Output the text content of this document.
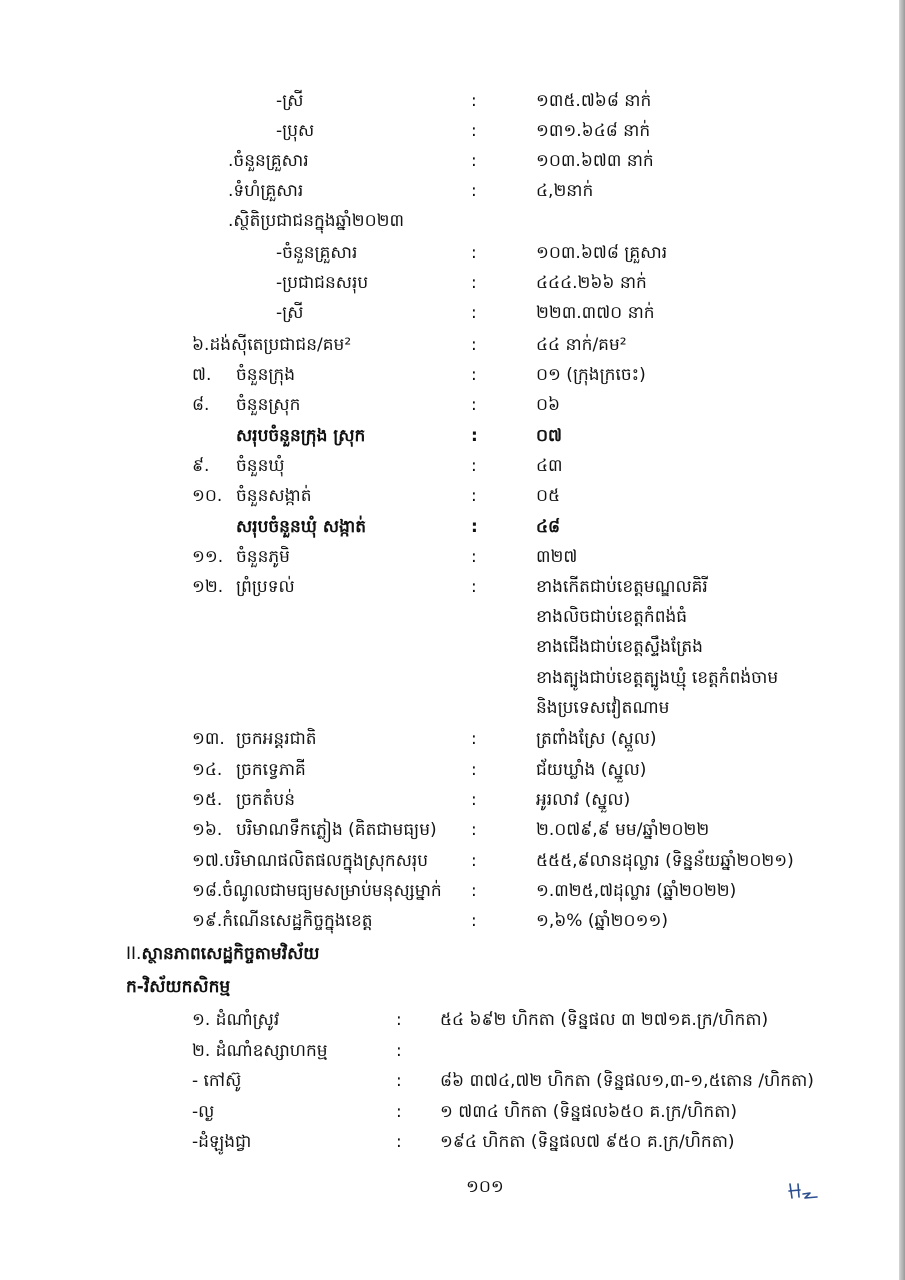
-ស្រី	:	១៣៥.៧៦៨ នាក់
-ប្រុស	:	១៣១.៦៤៨ នាក់
.ចំនួនគ្រួសារ	:	១០៣.៦៧៣ នាក់
.ទំហំគ្រួសារ	:	៤,២នាក់
.ស្ថិតិប្រជាជនក្នុងឆ្នាំ២០២៣
-ចំនួនគ្រួសារ	:	១០៣.៦៧៨ គ្រួសារ
-ប្រជាជនសរុប	:	៤៤៤.២៦៦ នាក់
-ស្រី	:	២២៣.៣៧០ នាក់
៦.ដង់ស៊ីតេប្រជាជន/គម²	:	៤៤ នាក់/គម²
៧. ចំនួនក្រុង	:	០១ (ក្រុងក្រចេះ)
៨. ចំនួនស្រុក	:	០៦
សរុបចំនួនក្រុង ស្រុក	:	០៧
៩. ចំនួនឃុំ	:	៤៣
១០. ចំនួនសង្កាត់	:	០៥
សរុបចំនួនឃុំ សង្កាត់	:	៤៨
១១. ចំនួនភូមិ	:	៣២៧
១២. ព្រំប្រទល់	:	ខាងកើតជាប់ខេត្តមណ្ឌលគិរី
ខាងលិចជាប់ខេត្តកំពង់ធំ
ខាងជើងជាប់ខេត្តស្ទឹងត្រែង
ខាងត្បូងជាប់ខេត្តត្បូងឃ្មុំ ខេត្តកំពង់ចាម
និងប្រទេសវៀតណាម
១៣. ច្រកអន្តរជាតិ	:	ត្រពាំងស្រែ (ស្ពួល)
១៤. ច្រកទ្វេភាគី	:	ជ័យឃ្លាំង (ស្នួល)
១៥. ច្រកតំបន់	:	អូរលាវ (ស្នួល)
១៦. បរិមាណទឹកភ្លៀង (គិតជាមធ្យម) :	២.០៧៩,៩ មម/ឆ្នាំ២០២២
១៧.បរិមាណផលិតផលក្នុងស្រុកសរុប	:	៥៥៥,៩លានដុល្លារ (ទិន្នន័យឆ្នាំ២០២១)
១៨.ចំណូលជាមធ្យមសម្រាប់មនុស្សម្នាក់ :	១.៣២៥,៧ដុល្លារ (ឆ្នាំ២០២២)
១៩.កំណើនសេដ្ឋកិច្ចក្នុងខេត្ត	:	១,៦% (ឆ្នាំ២០១១)
II.ស្ថានភាពសេដ្ឋកិច្ចតាមវិស័យ
ក-វិស័យកសិកម្ម
១. ដំណាំស្រូវ	: ៥៤ ៦៩២ ហិកតា (ទិន្នផល ៣ ២៧១គ.ក្រ/ហិកតា)
២. ដំណាំឧស្សាហកម្ម	:
- កៅស៊ូ	: ៨៦ ៣៧៤,៧២ ហិកតា (ទិន្នផល១,៣-១,៥តោន /ហិកតា)
-ល្ង	: ១ ៧៣៤ ហិកតា (ទិន្នផល៦៥០ គ.ក្រ/ហិកតា)
-ដំឡូងជ្វា	: ១៩៤ ហិកតា (ទិន្នផល៧ ៩៥០ គ.ក្រ/ហិកតា)
១០១
